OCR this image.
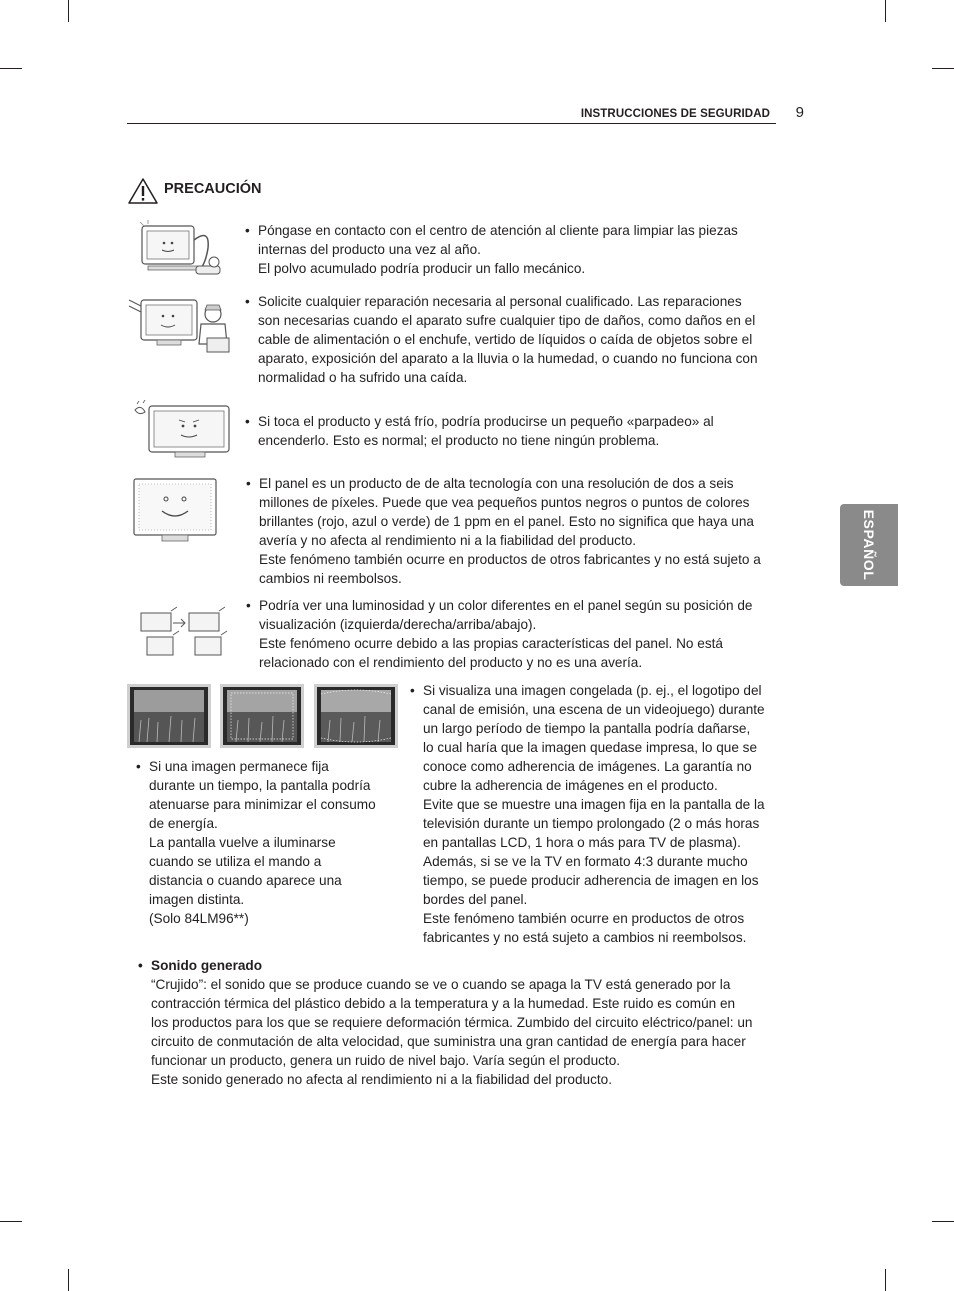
INSTRUCCIONES DE SEGURIDAD 9
ESPAÑOL
PRECAUCIÓN
• Póngase en contacto con el centro de atención al cliente para limpiar las piezas
internas del producto una vez al año.
El polvo acumulado podría producir un fallo mecánico.
• Solicite cualquier reparación necesaria al personal cualificado. Las reparaciones
son necesarias cuando el aparato sufre cualquier tipo de daños, como daños en el
cable de alimentación o el enchufe, vertido de líquidos o caída de objetos sobre el
aparato, exposición del aparato a la lluvia o la humedad, o cuando no funciona con
normalidad o ha sufrido una caída.
• Si toca el producto y está frío, podría producirse un pequeño «parpadeo» al
encenderlo. Esto es normal; el producto no tiene ningún problema.
• El panel es un producto de de alta tecnología con una resolución de dos a seis
millones de píxeles. Puede que vea pequeños puntos negros o puntos de colores
brillantes (rojo, azul o verde) de 1 ppm en el panel. Esto no significa que haya una
avería y no afecta al rendimiento ni a la fiabilidad del producto.
Este fenómeno también ocurre en productos de otros fabricantes y no está sujeto a
cambios ni reembolsos.
• Podría ver una luminosidad y un color diferentes en el panel según su posición de
visualización (izquierda/derecha/arriba/abajo).
Este fenómeno ocurre debido a las propias características del panel. No está
relacionado con el rendimiento del producto y no es una avería.
• Si una imagen permanece fija
durante un tiempo, la pantalla podría
atenuarse para minimizar el consumo
de energía.
La pantalla vuelve a iluminarse
cuando se utiliza el mando a
distancia o cuando aparece una
imagen distinta.
(Solo 84LM96**)
• Si visualiza una imagen congelada (p. ej., el logotipo del
canal de emisión, una escena de un videojuego) durante
un largo período de tiempo la pantalla podría dañarse,
lo cual haría que la imagen quedase impresa, lo que se
conoce como adherencia de imágenes. La garantía no
cubre la adherencia de imágenes en el producto.
Evite que se muestre una imagen fija en la pantalla de la
televisión durante un tiempo prolongado (2 o más horas
en pantallas LCD, 1 hora o más para TV de plasma).
Además, si se ve la TV en formato 4:3 durante mucho
tiempo, se puede producir adherencia de imagen en los
bordes del panel.
Este fenómeno también ocurre en productos de otros
fabricantes y no está sujeto a cambios ni reembolsos.
• Sonido generado
“Crujido”: el sonido que se produce cuando se ve o cuando se apaga la TV está generado por la
contracción térmica del plástico debido a la temperatura y a la humedad. Este ruido es común en
los productos para los que se requiere deformación térmica. Zumbido del circuito eléctrico/panel: un
circuito de conmutación de alta velocidad, que suministra una gran cantidad de energía para hacer
funcionar un producto, genera un ruido de nivel bajo. Varía según el producto.
Este sonido generado no afecta al rendimiento ni a la fiabilidad del producto.
